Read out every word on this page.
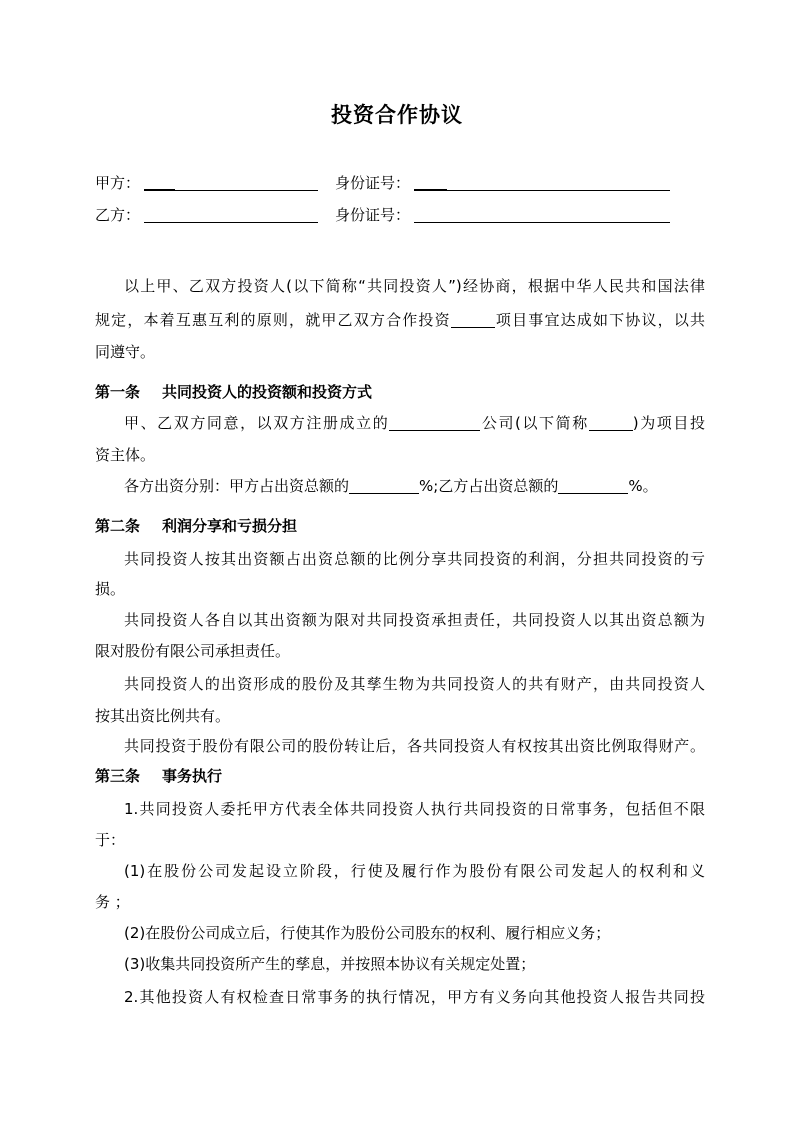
投资合作协议
甲方：	身份证号：
乙方：	身份证号：
以上甲、乙双方投资人(以下简称“共同投资人”)经协商，根据中华人民共和国法律
规定，本着互惠互利的原则，就甲乙双方合作投资	项目事宜达成如下协议，以共
同遵守。
第一条 共同投资人的投资额和投资方式
甲、乙双方同意，以双方注册成立的	公司(以下简称	)为项目投
资主体。
各方出资分别：甲方占出资总额的	%;乙方占出资总额的	%。
第二条 利润分享和亏损分担
共同投资人按其出资额占出资总额的比例分享共同投资的利润，分担共同投资的亏
损。
共同投资人各自以其出资额为限对共同投资承担责任，共同投资人以其出资总额为
限对股份有限公司承担责任。
共同投资人的出资形成的股份及其孳生物为共同投资人的共有财产，由共同投资人
按其出资比例共有。
共同投资于股份有限公司的股份转让后，各共同投资人有权按其出资比例取得财产。
第三条 事务执行
1.共同投资人委托甲方代表全体共同投资人执行共同投资的日常事务，包括但不限
于：
(1)在股份公司发起设立阶段，行使及履行作为股份有限公司发起人的权利和义
务 ；
(2)在股份公司成立后，行使其作为股份公司股东的权利、履行相应义务；
(3)收集共同投资所产生的孳息，并按照本协议有关规定处置；
2.其他投资人有权检查日常事务的执行情况，甲方有义务向其他投资人报告共同投
